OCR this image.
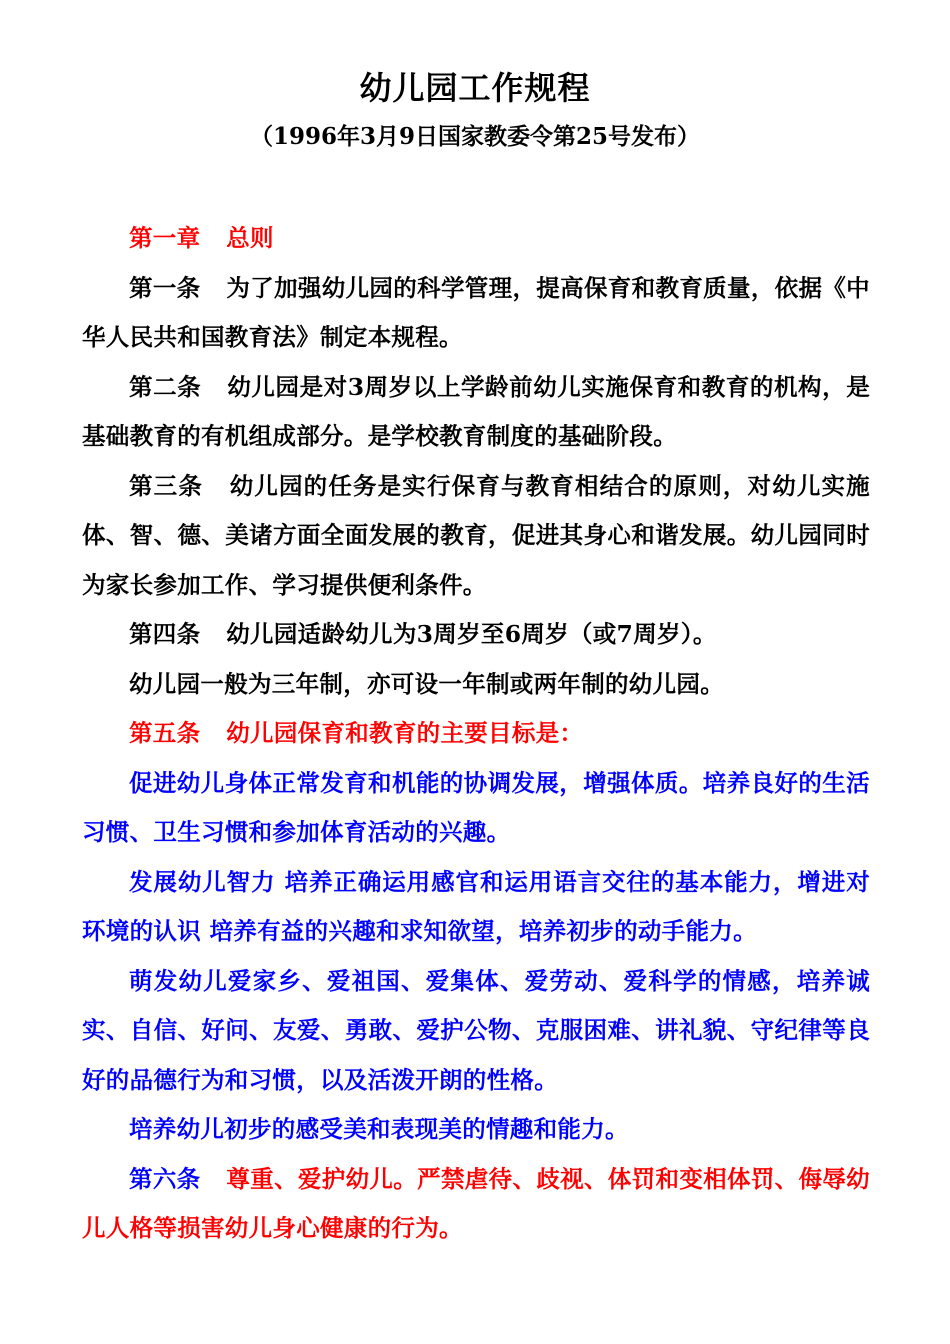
幼儿园工作规程
（1996年3月9日国家教委令第25号发布）

第一章 总则

第一条 为了加强幼儿园的科学管理，提高保育和教育质量，依据《中华人民共和国教育法》制定本规程。

第二条 幼儿园是对3周岁以上学龄前幼儿实施保育和教育的机构，是基础教育的有机组成部分。是学校教育制度的基础阶段。

第三条 幼儿园的任务是实行保育与教育相结合的原则，对幼儿实施体、智、德、美诸方面全面发展的教育，促进其身心和谐发展。幼儿园同时为家长参加工作、学习提供便利条件。

第四条 幼儿园适龄幼儿为3周岁至6周岁（或7周岁）。

幼儿园一般为三年制，亦可设一年制或两年制的幼儿园。

第五条 幼儿园保育和教育的主要目标是：

促进幼儿身体正常发育和机能的协调发展，增强体质。培养良好的生活习惯、卫生习惯和参加体育活动的兴趣。

发展幼儿智力 培养正确运用感官和运用语言交往的基本能力，增进对环境的认识 培养有益的兴趣和求知欲望，培养初步的动手能力。

萌发幼儿爱家乡、爱祖国、爱集体、爱劳动、爱科学的情感，培养诚实、自信、好问、友爱、勇敢、爱护公物、克服困难、讲礼貌、守纪律等良好的品德行为和习惯，以及活泼开朗的性格。

培养幼儿初步的感受美和表现美的情趣和能力。

第六条 尊重、爱护幼儿。严禁虐待、歧视、体罚和变相体罚、侮辱幼儿人格等损害幼儿身心健康的行为。
